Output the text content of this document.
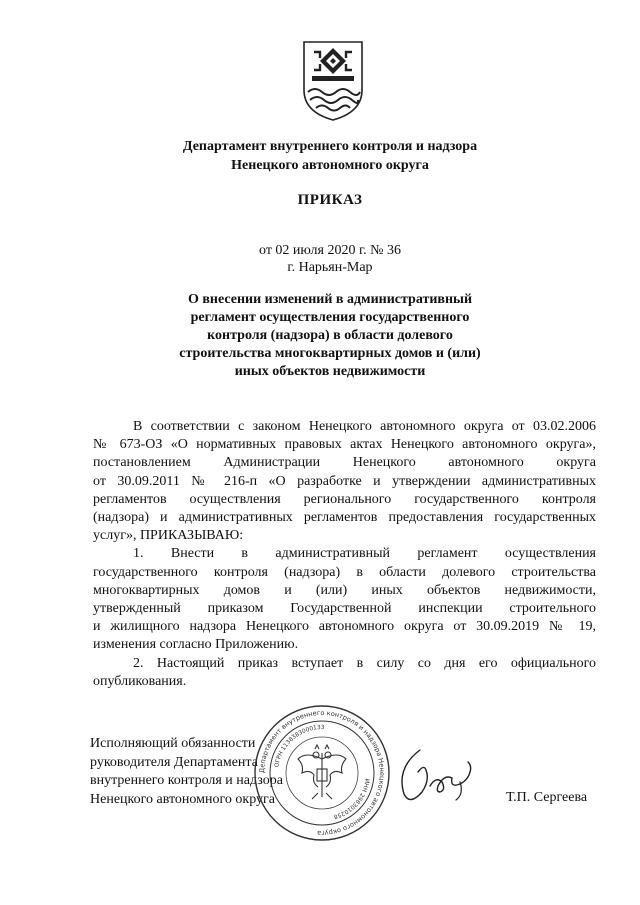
Департамент внутреннего контроля и надзора
Ненецкого автономного округа
ПРИКАЗ
от 02 июля 2020 г. № 36
г. Нарьян-Мар
О внесении изменений в административный
регламент осуществления государственного
контроля (надзора) в области долевого
строительства многоквартирных домов и (или)
иных объектов недвижимости
В соответствии с законом Ненецкого автономного округа от 03.02.2006
№ 673-ОЗ «О нормативных правовых актах Ненецкого автономного округа»,
постановлением Администрации Ненецкого автономного округа
от 30.09.2011 № 216-п «О разработке и утверждении административных
регламентов осуществления регионального государственного контроля
(надзора) и административных регламентов предоставления государственных
услуг», ПРИКАЗЫВАЮ:
1. Внести в административный регламент осуществления
государственного контроля (надзора) в области долевого строительства
многоквартирных домов и (или) иных объектов недвижимости,
утвержденный приказом Государственной инспекции строительного
и жилищного надзора Ненецкого автономного округа от 30.09.2019 № 19,
изменения согласно Приложению.
2. Настоящий приказ вступает в силу со дня его официального
опубликования.
Исполняющий обязанности
руководителя Департамента
внутреннего контроля и надзора
Ненецкого автономного округа
Департамент внутреннего контроля и надзора Ненецкого автономного округа
ОГРН 1138383000133
ИНН 2983010258
Т.П. Сергеева
